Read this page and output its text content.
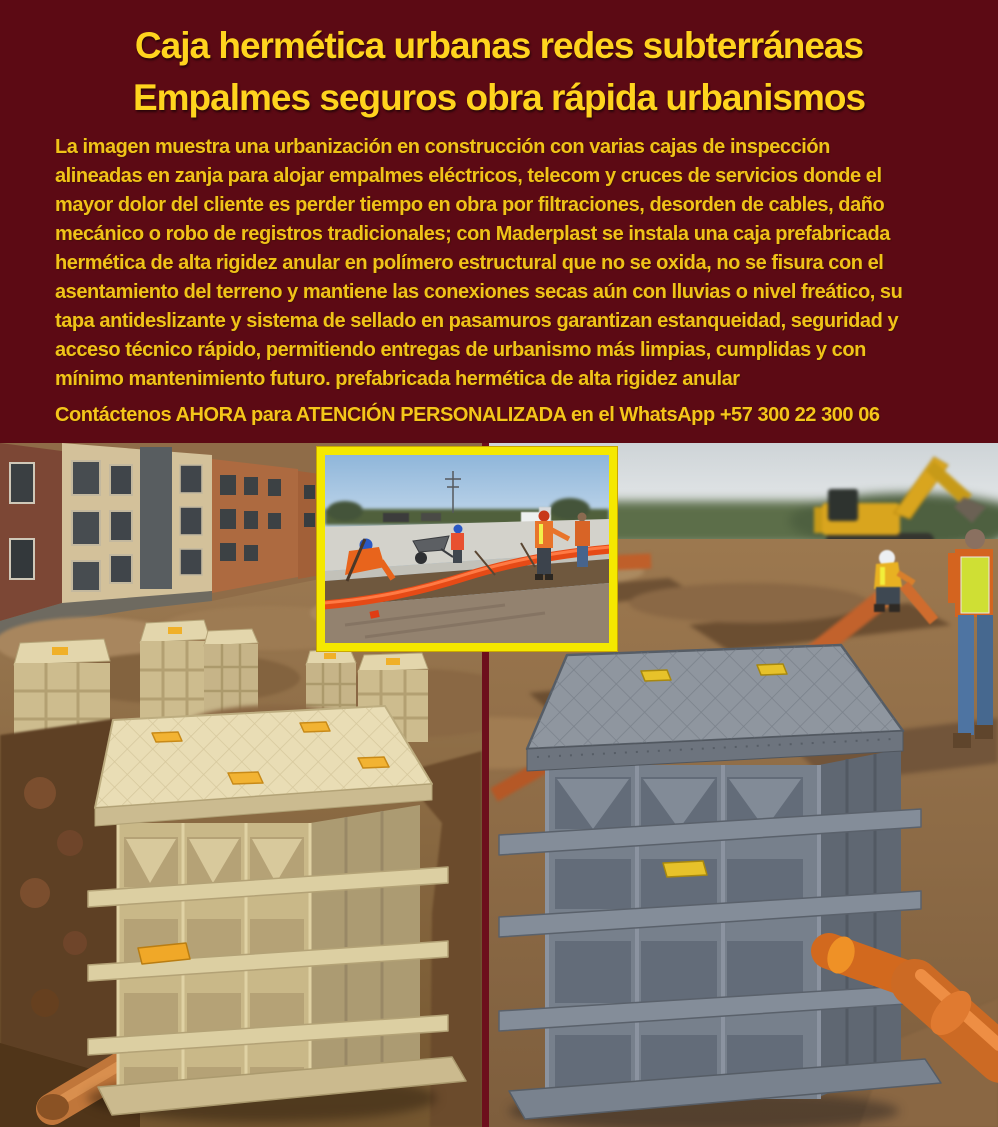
Caja hermética urbanas redes subterráneas
Empalmes seguros obra rápida urbanismos
La imagen muestra una urbanización en construcción con varias cajas de inspección
alineadas en zanja para alojar empalmes eléctricos, telecom y cruces de servicios donde el
mayor dolor del cliente es perder tiempo en obra por filtraciones, desorden de cables, daño
mecánico o robo de registros tradicionales; con Maderplast se instala una caja prefabricada
hermética de alta rigidez anular en polímero estructural que no se oxida, no se fisura con el
asentamiento del terreno y mantiene las conexiones secas aún con lluvias o nivel freático, su
tapa antideslizante y sistema de sellado en pasamuros garantizan estanqueidad, seguridad y
acceso técnico rápido, permitiendo entregas de urbanismo más limpias, cumplidas y con
mínimo mantenimiento futuro. prefabricada hermética de alta rigidez anular
Contáctenos AHORA para ATENCIÓN PERSONALIZADA en el WhatsApp +57 300 22 300 06
